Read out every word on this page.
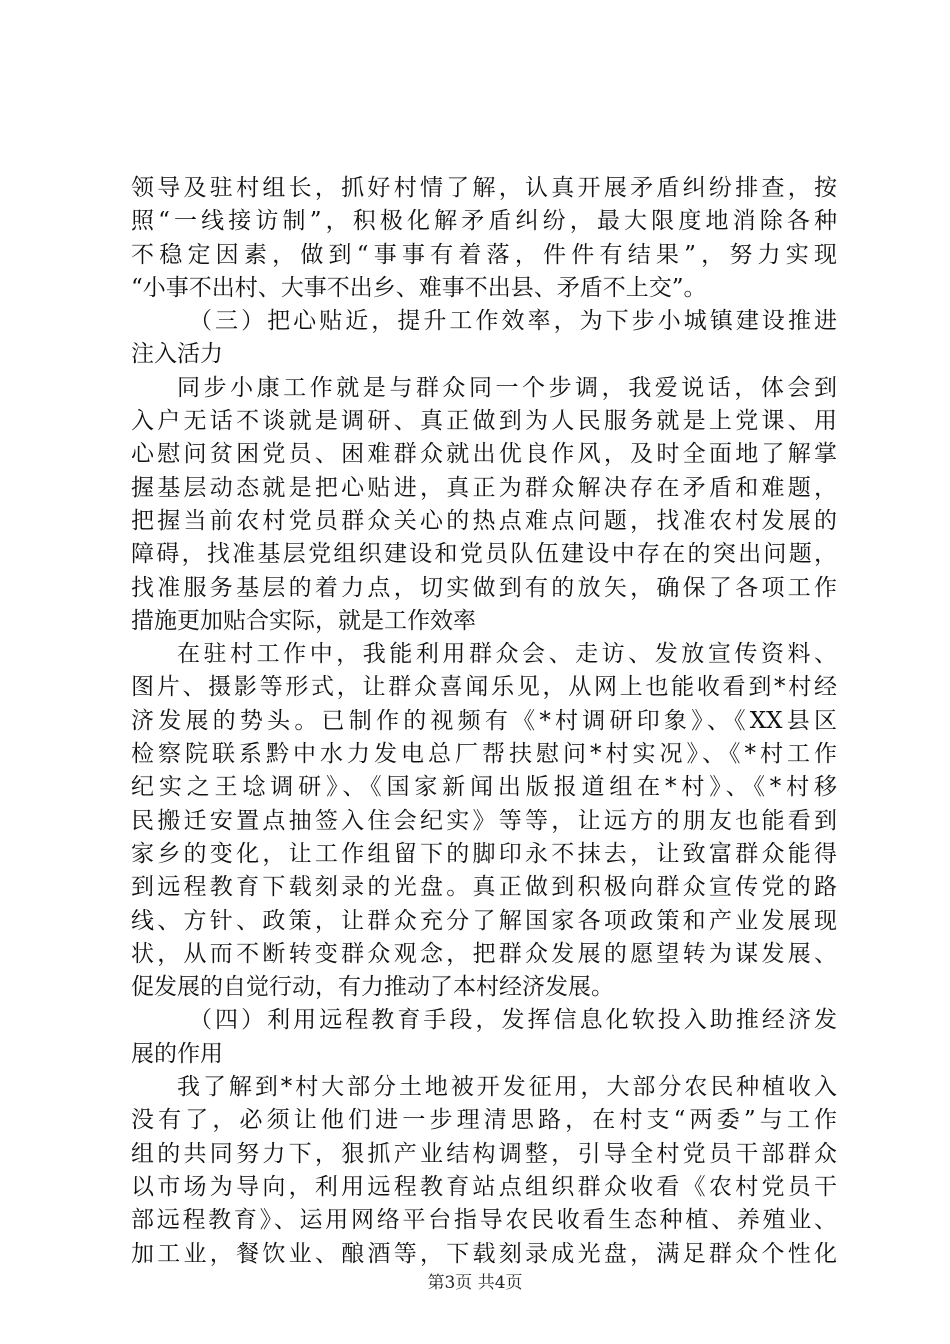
领导及驻村组长，抓好村情了解，认真开展矛盾纠纷排查，按
照“一线接访制”，积极化解矛盾纠纷，最大限度地消除各种
不稳定因素，做到“事事有着落，件件有结果”，努力实现
“小事不出村、大事不出乡、难事不出县、矛盾不上交”。
（三）把心贴近，提升工作效率，为下步小城镇建设推进
注入活力
同步小康工作就是与群众同一个步调，我爱说话，体会到
入户无话不谈就是调研、真正做到为人民服务就是上党课、用
心慰问贫困党员、困难群众就出优良作风，及时全面地了解掌
握基层动态就是把心贴进，真正为群众解决存在矛盾和难题，
把握当前农村党员群众关心的热点难点问题，找准农村发展的
障碍，找准基层党组织建设和党员队伍建设中存在的突出问题，
找准服务基层的着力点，切实做到有的放矢，确保了各项工作
措施更加贴合实际，就是工作效率
在驻村工作中，我能利用群众会、走访、发放宣传资料、
图片、摄影等形式，让群众喜闻乐见，从网上也能收看到*村经
济发展的势头。已制作的视频有《*村调研印象》、《XX县区
检察院联系黔中水力发电总厂帮扶慰问*村实况》、《*村工作
纪实之王埝调研》、《国家新闻出版报道组在*村》、《*村移
民搬迁安置点抽签入住会纪实》等等，让远方的朋友也能看到
家乡的变化，让工作组留下的脚印永不抹去，让致富群众能得
到远程教育下载刻录的光盘。真正做到积极向群众宣传党的路
线、方针、政策，让群众充分了解国家各项政策和产业发展现
状，从而不断转变群众观念，把群众发展的愿望转为谋发展、
促发展的自觉行动，有力推动了本村经济发展。
（四）利用远程教育手段，发挥信息化软投入助推经济发
展的作用
我了解到*村大部分土地被开发征用，大部分农民种植收入
没有了，必须让他们进一步理清思路，在村支“两委”与工作
组的共同努力下，狠抓产业结构调整，引导全村党员干部群众
以市场为导向，利用远程教育站点组织群众收看《农村党员干
部远程教育》、运用网络平台指导农民收看生态种植、养殖业、
加工业，餐饮业、酿酒等，下载刻录成光盘，满足群众个性化
第3页 共4页
